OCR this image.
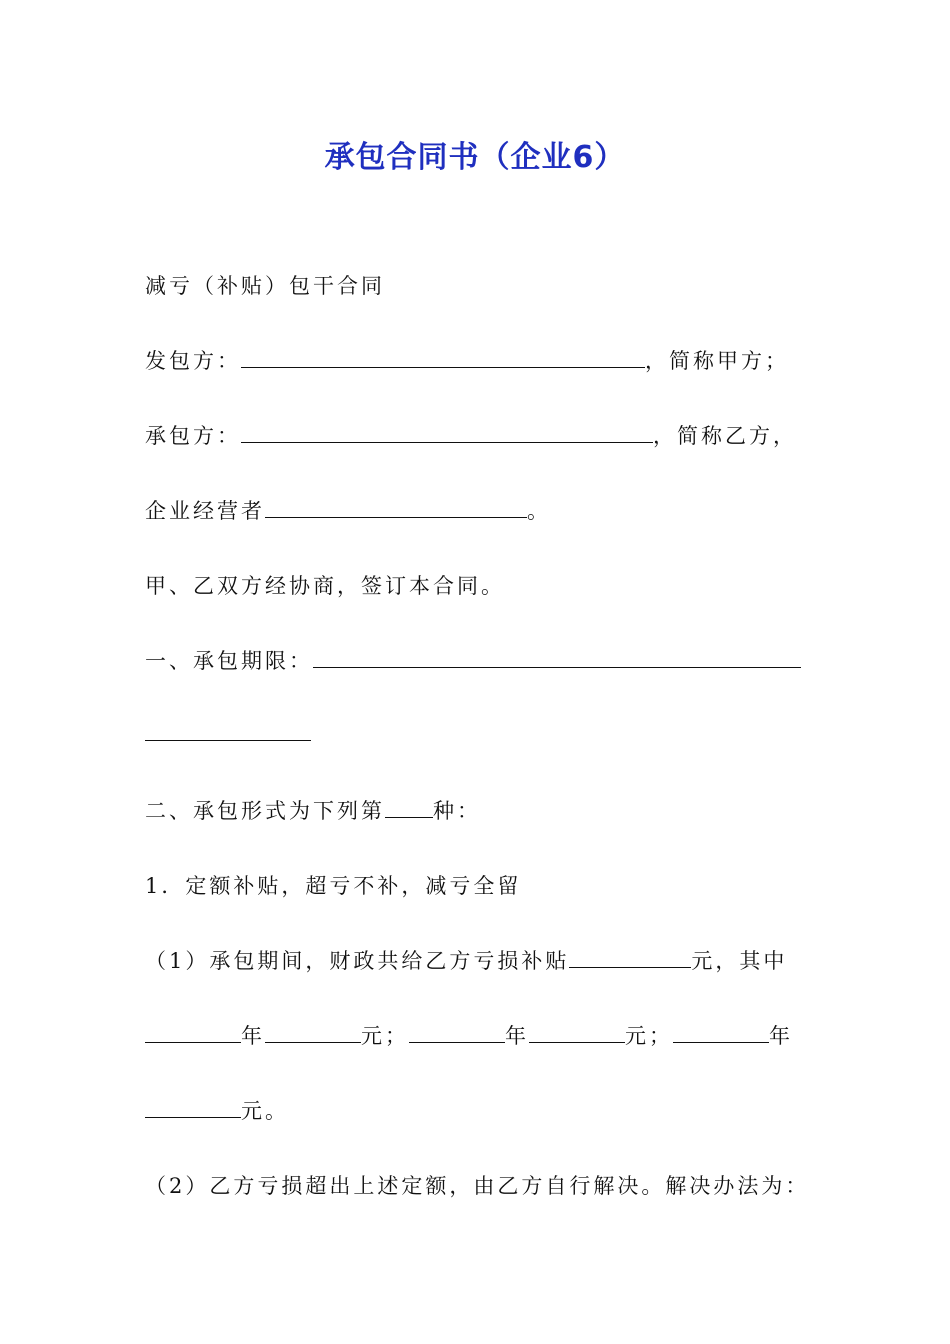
承包合同书（企业6）
减亏（补贴）包干合同
发包方：	，简称甲方；
承包方：	，简称乙方，
企业经营者	。
甲、乙双方经协商，签订本合同。
一、承包期限：
二、承包形式为下列第 种：
1．定额补贴，超亏不补，减亏全留
（1）承包期间，财政共给乙方亏损补贴	元，其中
年	元；	年	元；	年
元。
（2）乙方亏损超出上述定额，由乙方自行解决。解决办法为：
